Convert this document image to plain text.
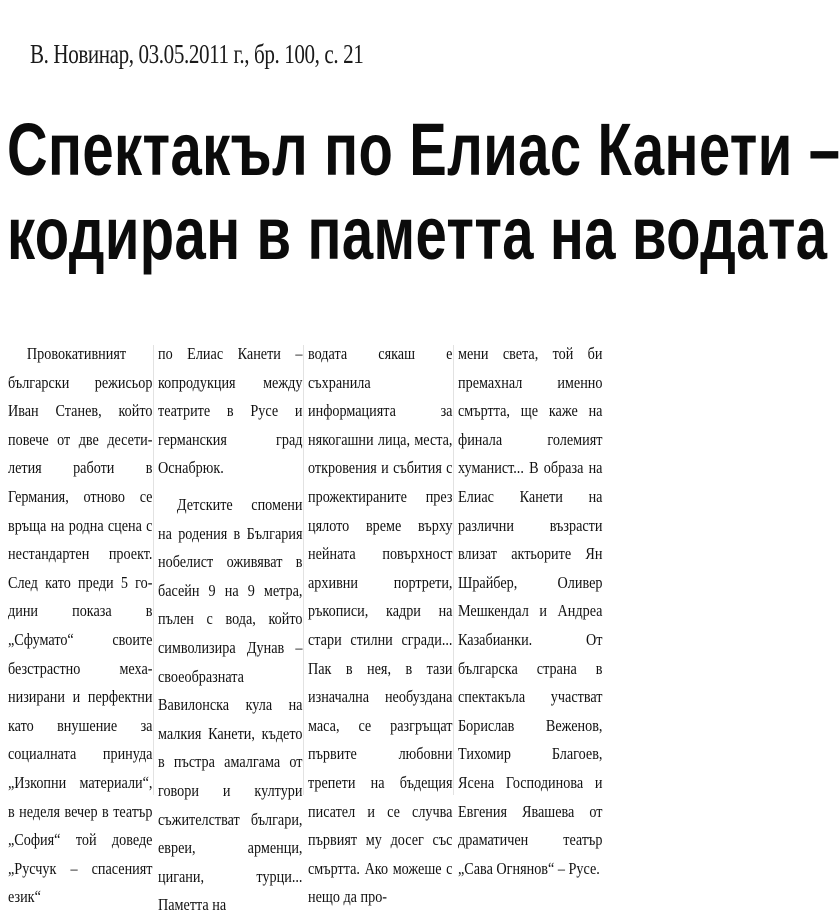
В. Новинар, 03.05.2011 г., бр. 100, с. 21
Спектакъл по Елиас Канети –
кодиран в паметта на водата

Провокативният български режисьор Иван Станев, който повече от две десетилетия работи в Германия, отново се връща на родна сцена с нестандартен проект. След като преди 5 години показа в „Сфумато“ своите безстрастно механизирани и перфектни като внушение за социалната принуда „Изкопни материали“, в неделя вечер в театър „София“ той доведе „Русчук – спасеният език“

по Елиас Канети – копродукция между театрите в Русе и германския град Оснабрюк.

Детските спомени на родения в България нобелист оживяват в басейн 9 на 9 метра, пълен с вода, който символизира Дунав – своеобразната Вавилонска кула на малкия Канети, където в пъстра амалгама от говори и култури съжителстват българи, евреи, арменци, цигани, турци... Паметта на

водата сякаш е съхранила информацията за някогашни лица, места, откровения и събития с прожектираните през цялото време върху нейната повърхност архивни портрети, ръкописи, кадри на стари стилни сгради... Пак в нея, в тази изначална необуздана маса, се разгръщат първите любовни трепети на бъдещия писател и се случва първият му досег със смъртта. Ако можеше с нещо да про-

мени света, той би премахнал именно смъртта, ще каже на финала големият хуманист... В образа на Елиас Канети на различни възрасти влизат актьорите Ян Шрайбер, Оливер Мешкендал и Андреа Казабианки. От българска страна в спектакъла участват Борислав Веженов, Тихомир Благоев, Ясена Господинова и Евгения Явашева от драматичен театър „Сава Огнянов“ – Русе.
